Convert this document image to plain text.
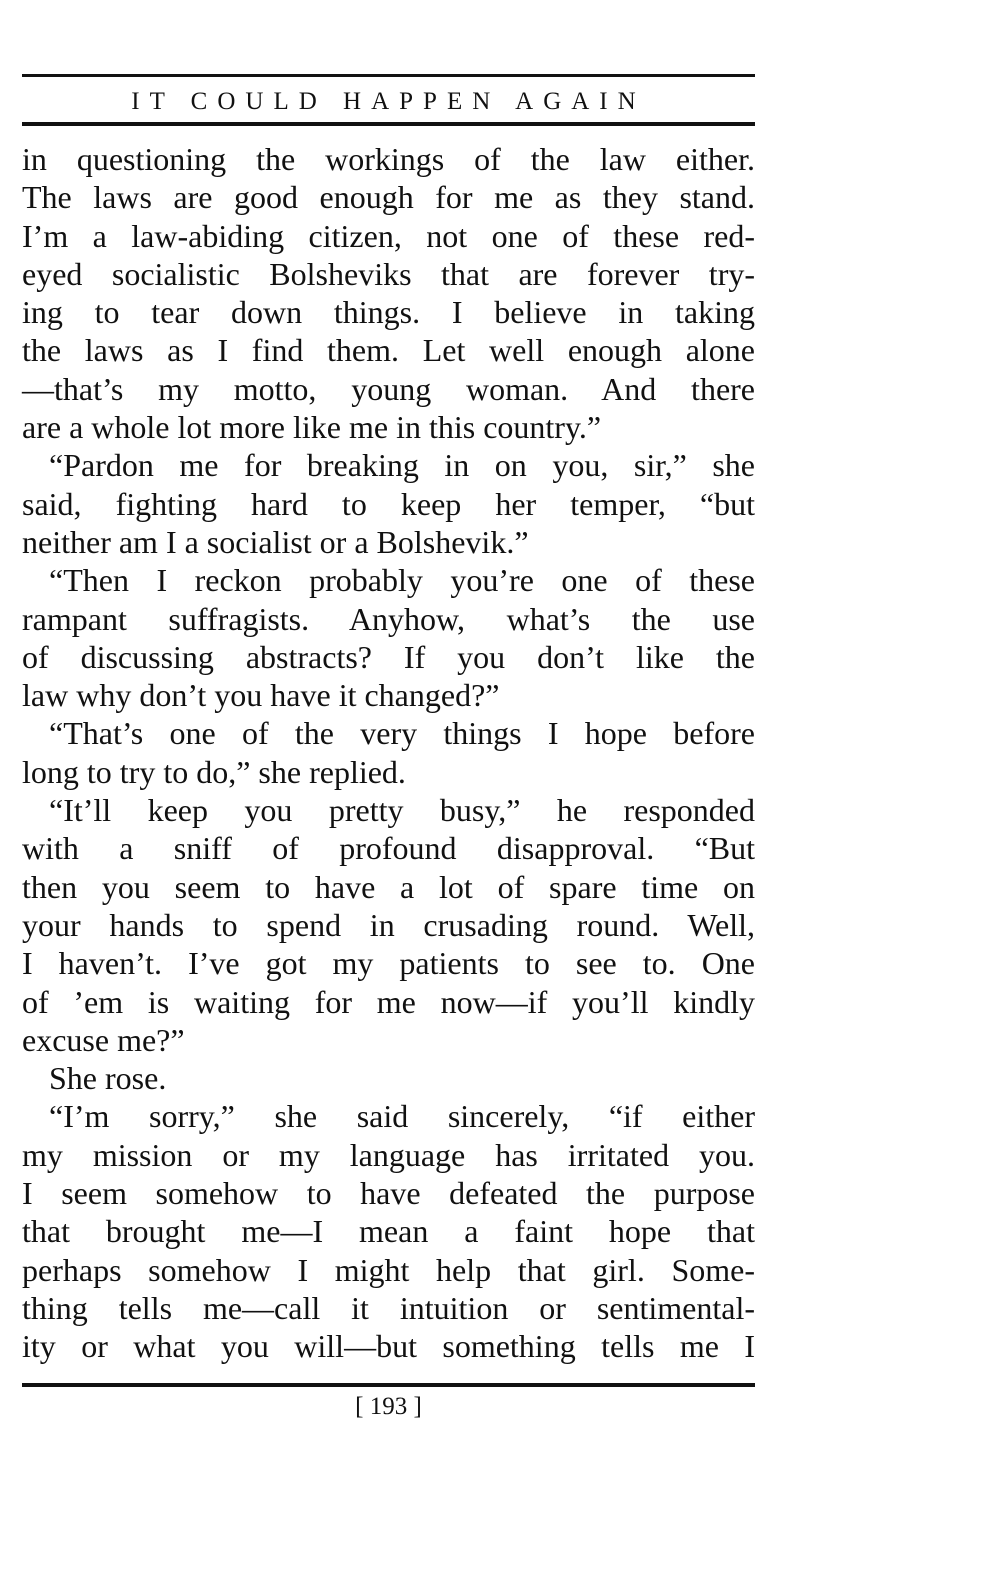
IT COULD HAPPEN AGAIN
in questioning the workings of the law either.
The laws are good enough for me as they stand.
I’m a law-abiding citizen, not one of these red-
eyed socialistic Bolsheviks that are forever try-
ing to tear down things. I believe in taking
the laws as I find them. Let well enough alone
—that’s my motto, young woman. And there
are a whole lot more like me in this country.”
“Pardon me for breaking in on you, sir,” she
said, fighting hard to keep her temper, “but
neither am I a socialist or a Bolshevik.”
“Then I reckon probably you’re one of these
rampant suffragists. Anyhow, what’s the use
of discussing abstracts? If you don’t like the
law why don’t you have it changed?”
“That’s one of the very things I hope before
long to try to do,” she replied.
“It’ll keep you pretty busy,” he responded
with a sniff of profound disapproval. “But
then you seem to have a lot of spare time on
your hands to spend in crusading round. Well,
I haven’t. I’ve got my patients to see to. One
of ’em is waiting for me now—if you’ll kindly
excuse me?”
She rose.
“I’m sorry,” she said sincerely, “if either
my mission or my language has irritated you.
I seem somehow to have defeated the purpose
that brought me—I mean a faint hope that
perhaps somehow I might help that girl. Some-
thing tells me—call it intuition or sentimental-
ity or what you will—but something tells me I
[ 193 ]
